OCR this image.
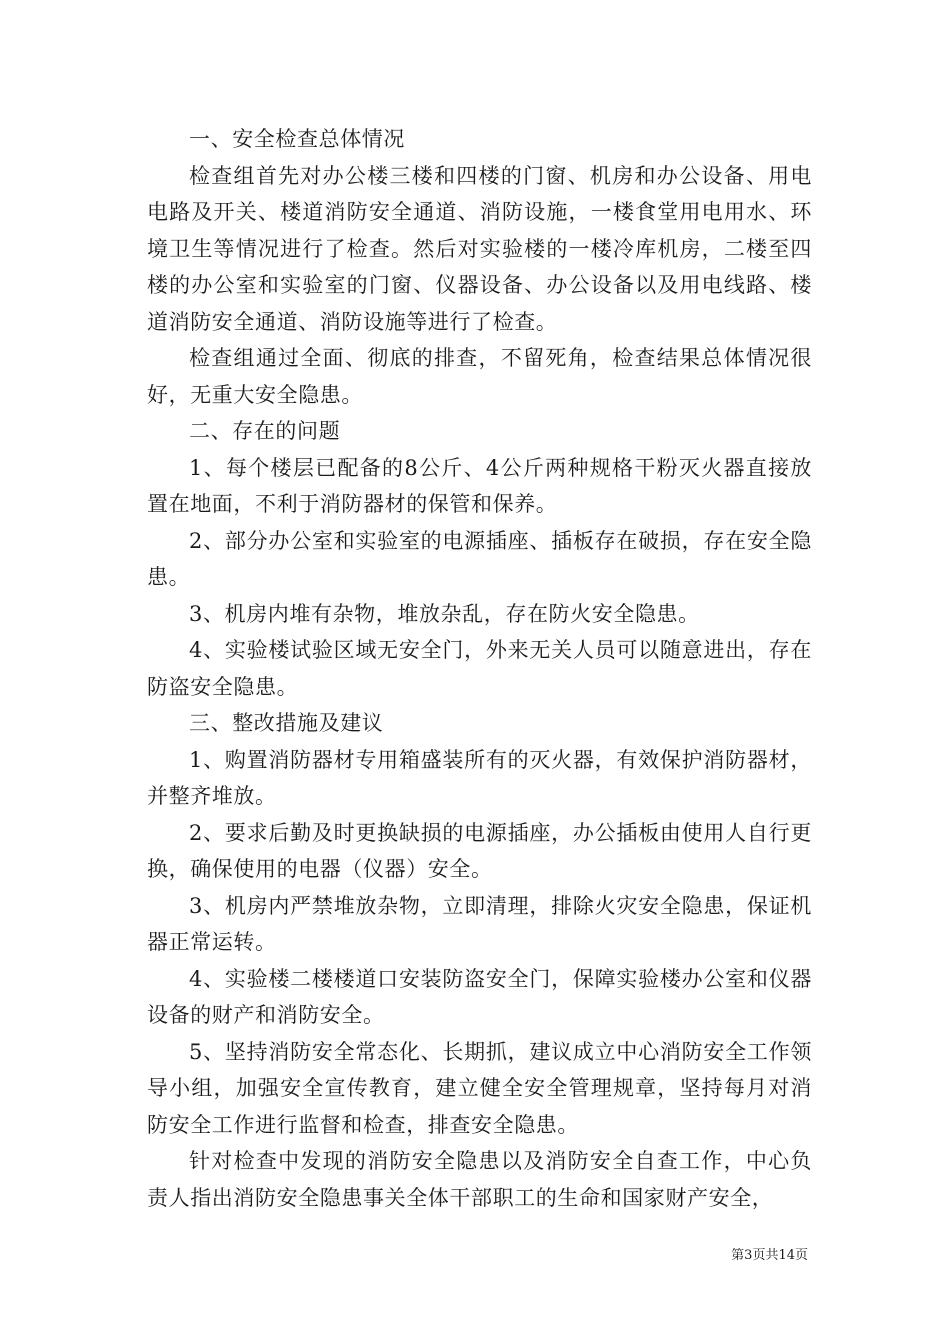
一、安全检查总体情况

检查组首先对办公楼三楼和四楼的门窗、机房和办公设备、用电电路及开关、楼道消防安全通道、消防设施，一楼食堂用电用水、环境卫生等情况进行了检查。然后对实验楼的一楼冷库机房，二楼至四楼的办公室和实验室的门窗、仪器设备、办公设备以及用电线路、楼道消防安全通道、消防设施等进行了检查。

检查组通过全面、彻底的排查，不留死角，检查结果总体情况很好，无重大安全隐患。

二、存在的问题

1、每个楼层已配备的8公斤、4公斤两种规格干粉灭火器直接放置在地面，不利于消防器材的保管和保养。

2、部分办公室和实验室的电源插座、插板存在破损，存在安全隐患。

3、机房内堆有杂物，堆放杂乱，存在防火安全隐患。

4、实验楼试验区域无安全门，外来无关人员可以随意进出，存在防盗安全隐患。

三、整改措施及建议

1、购置消防器材专用箱盛装所有的灭火器，有效保护消防器材，并整齐堆放。

2、要求后勤及时更换缺损的电源插座，办公插板由使用人自行更换，确保使用的电器（仪器）安全。

3、机房内严禁堆放杂物，立即清理，排除火灾安全隐患，保证机器正常运转。

4、实验楼二楼楼道口安装防盗安全门，保障实验楼办公室和仪器设备的财产和消防安全。

5、坚持消防安全常态化、长期抓，建议成立中心消防安全工作领导小组，加强安全宣传教育，建立健全安全管理规章，坚持每月对消防安全工作进行监督和检查，排查安全隐患。

针对检查中发现的消防安全隐患以及消防安全自查工作，中心负责人指出消防安全隐患事关全体干部职工的生命和国家财产安全，

第3页共14页
